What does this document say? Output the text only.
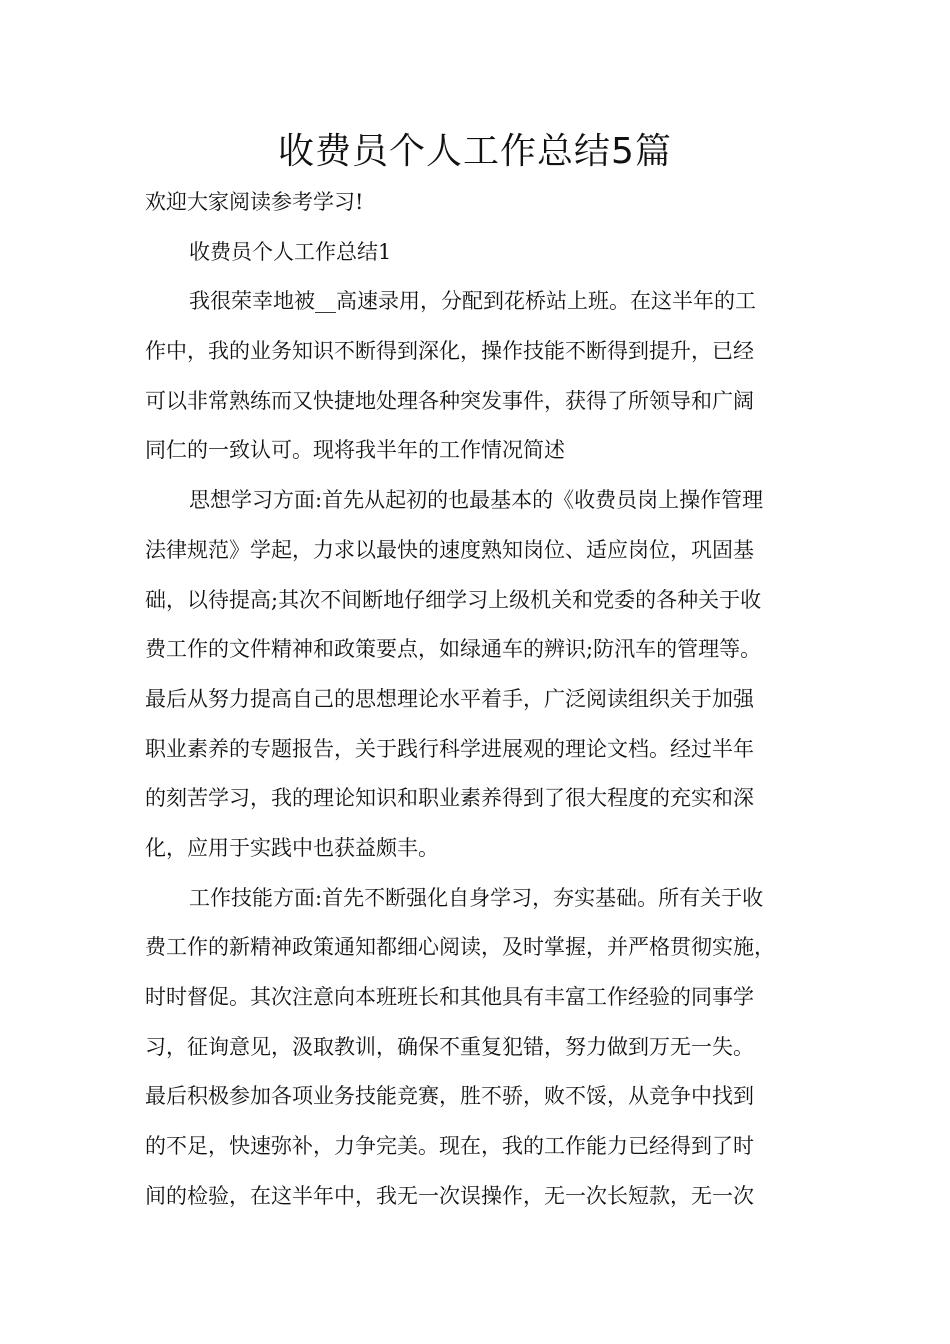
收费员个人工作总结5篇
欢迎大家阅读参考学习!
收费员个人工作总结1
我很荣幸地被__高速录用，分配到花桥站上班。在这半年的工
作中，我的业务知识不断得到深化，操作技能不断得到提升，已经
可以非常熟练而又快捷地处理各种突发事件，获得了所领导和广阔
同仁的一致认可。现将我半年的工作情况简述
思想学习方面:首先从起初的也最基本的《收费员岗上操作管理
法律规范》学起，力求以最快的速度熟知岗位、适应岗位，巩固基
础，以待提高;其次不间断地仔细学习上级机关和党委的各种关于收
费工作的文件精神和政策要点，如绿通车的辨识;防汛车的管理等。
最后从努力提高自己的思想理论水平着手，广泛阅读组织关于加强
职业素养的专题报告，关于践行科学进展观的理论文档。经过半年
的刻苦学习，我的理论知识和职业素养得到了很大程度的充实和深
化，应用于实践中也获益颇丰。
工作技能方面:首先不断强化自身学习，夯实基础。所有关于收
费工作的新精神政策通知都细心阅读，及时掌握，并严格贯彻实施，
时时督促。其次注意向本班班长和其他具有丰富工作经验的同事学
习，征询意见，汲取教训，确保不重复犯错，努力做到万无一失。
最后积极参加各项业务技能竞赛，胜不骄，败不馁，从竞争中找到
的不足，快速弥补，力争完美。现在，我的工作能力已经得到了时
间的检验，在这半年中，我无一次误操作，无一次长短款，无一次
